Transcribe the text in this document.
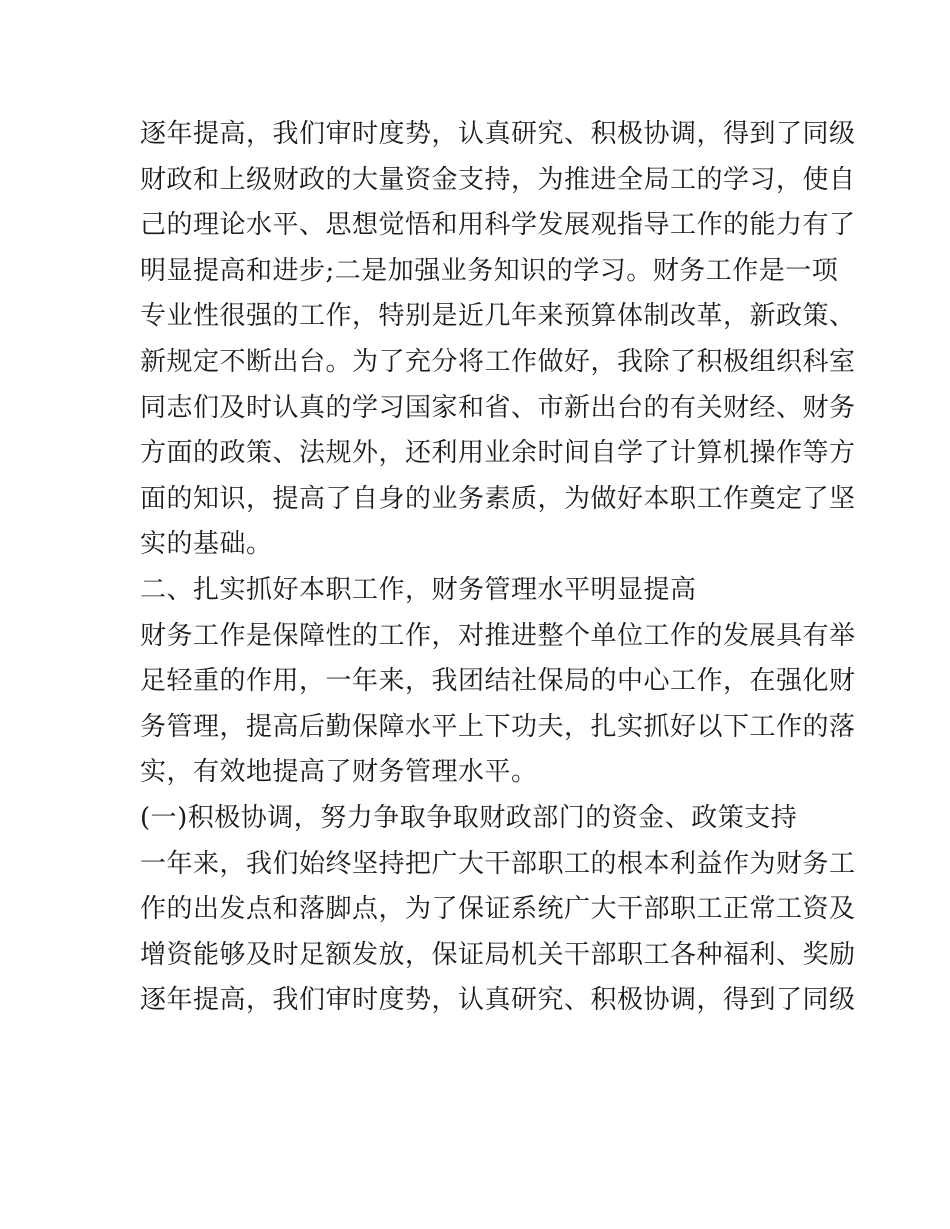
逐年提高，我们审时度势，认真研究、积极协调，得到了同级
财政和上级财政的大量资金支持，为推进全局工的学习，使自
己的理论水平、思想觉悟和用科学发展观指导工作的能力有了
明显提高和进步;二是加强业务知识的学习。财务工作是一项
专业性很强的工作，特别是近几年来预算体制改革，新政策、
新规定不断出台。为了充分将工作做好，我除了积极组织科室
同志们及时认真的学习国家和省、市新出台的有关财经、财务
方面的政策、法规外，还利用业余时间自学了计算机操作等方
面的知识，提高了自身的业务素质，为做好本职工作奠定了坚
实的基础。
二、扎实抓好本职工作，财务管理水平明显提高
财务工作是保障性的工作，对推进整个单位工作的发展具有举
足轻重的作用，一年来，我团结社保局的中心工作，在强化财
务管理，提高后勤保障水平上下功夫，扎实抓好以下工作的落
实，有效地提高了财务管理水平。
(一)积极协调，努力争取争取财政部门的资金、政策支持
一年来，我们始终坚持把广大干部职工的根本利益作为财务工
作的出发点和落脚点，为了保证系统广大干部职工正常工资及
增资能够及时足额发放，保证局机关干部职工各种福利、奖励
逐年提高，我们审时度势，认真研究、积极协调，得到了同级
